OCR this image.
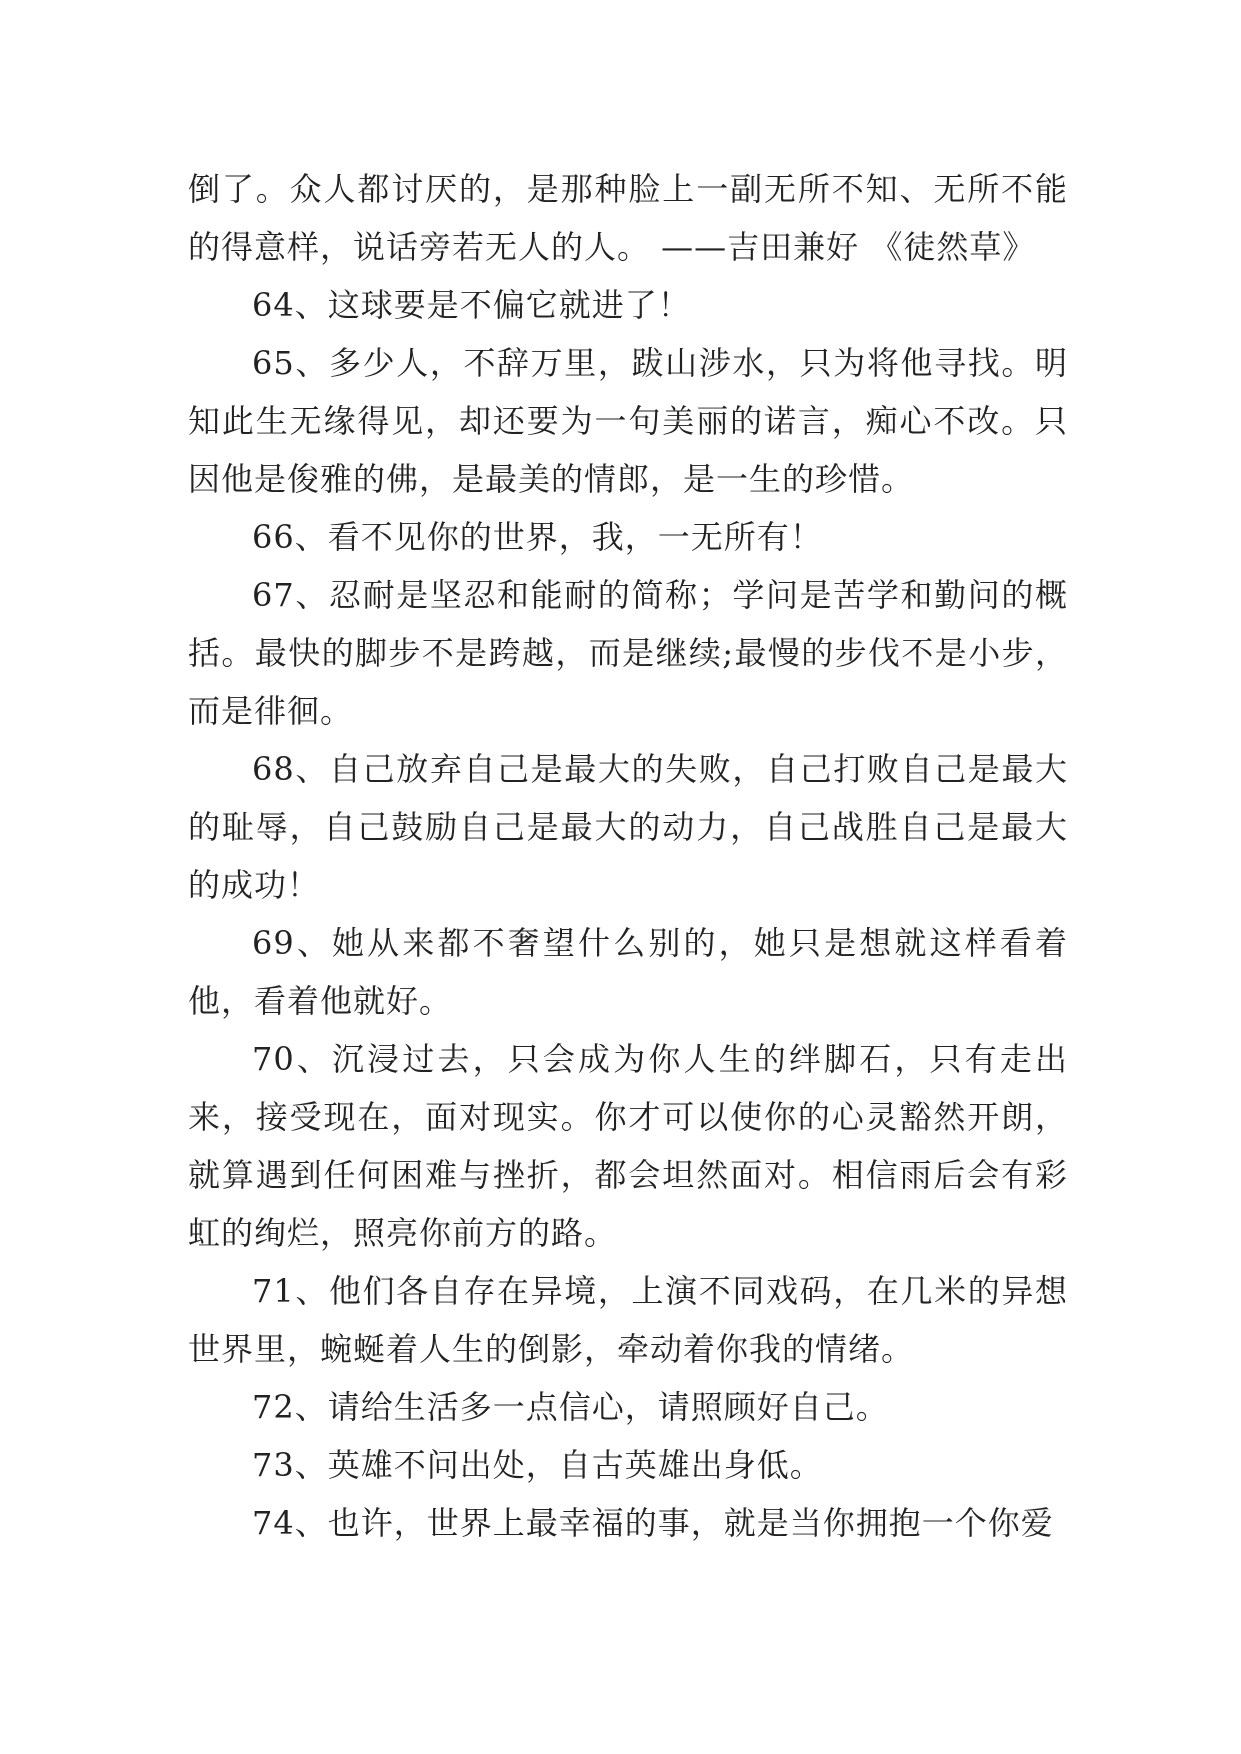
倒了。众人都讨厌的，是那种脸上一副无所不知、无所不能的得意样，说话旁若无人的人。 ——吉田兼好 《徒然草》

64、这球要是不偏它就进了！

65、多少人，不辞万里，跋山涉水，只为将他寻找。明知此生无缘得见，却还要为一句美丽的诺言，痴心不改。只因他是俊雅的佛，是最美的情郎，是一生的珍惜。

66、看不见你的世界，我，一无所有！

67、忍耐是坚忍和能耐的简称；学问是苦学和勤问的概括。最快的脚步不是跨越，而是继续;最慢的步伐不是小步，而是徘徊。

68、自己放弃自己是最大的失败，自己打败自己是最大的耻辱，自己鼓励自己是最大的动力，自己战胜自己是最大的成功！

69、她从来都不奢望什么别的，她只是想就这样看着他，看着他就好。

70、沉浸过去，只会成为你人生的绊脚石，只有走出来，接受现在，面对现实。你才可以使你的心灵豁然开朗，就算遇到任何困难与挫折，都会坦然面对。相信雨后会有彩虹的绚烂，照亮你前方的路。

71、他们各自存在异境，上演不同戏码，在几米的异想世界里，蜿蜒着人生的倒影，牵动着你我的情绪。

72、请给生活多一点信心，请照顾好自己。

73、英雄不问出处，自古英雄出身低。

74、也许，世界上最幸福的事，就是当你拥抱一个你爱
